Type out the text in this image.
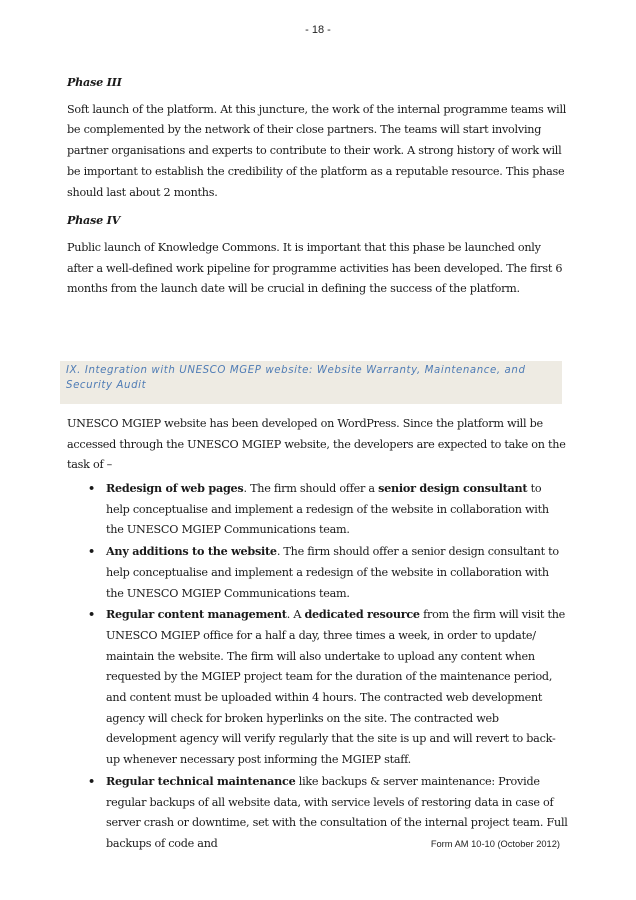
- 18 -

Phase III

Soft launch of the platform. At this juncture, the work of the internal programme teams will be complemented by the network of their close partners. The teams will start involving partner organisations and experts to contribute to their work. A strong history of work will be important to establish the credibility of the platform as a reputable resource. This phase should last about 2 months.

Phase IV

Public launch of Knowledge Commons. It is important that this phase be launched only after a well-defined work pipeline for programme activities has been developed. The first 6 months from the launch date will be crucial in defining the success of the platform.

IX. Integration with UNESCO MGEP website: Website Warranty, Maintenance, and Security Audit
UNESCO MGIEP website has been developed on WordPress. Since the platform will be accessed through the UNESCO MGIEP website, the developers are expected to take on the task of –
• Redesign of web pages. The firm should offer a senior design consultant to help conceptualise and implement a redesign of the website in collaboration with the UNESCO MGIEP Communications team.
• Any additions to the website. The firm should offer a senior design consultant to help conceptualise and implement a redesign of the website in collaboration with the UNESCO MGIEP Communications team.
• Regular content management. A dedicated resource from the firm will visit the UNESCO MGIEP office for a half a day, three times a week, in order to update/ maintain the website. The firm will also undertake to upload any content when requested by the MGIEP project team for the duration of the maintenance period, and content must be uploaded within 4 hours. The contracted web development agency will check for broken hyperlinks on the site. The contracted web development agency will verify regularly that the site is up and will revert to back-up whenever necessary post informing the MGIEP staff.
• Regular technical maintenance like backups & server maintenance: Provide regular backups of all website data, with service levels of restoring data in case of server crash or downtime, set with the consultation of the internal project team. Full backups of code and	Form AM 10-10 (October 2012)
